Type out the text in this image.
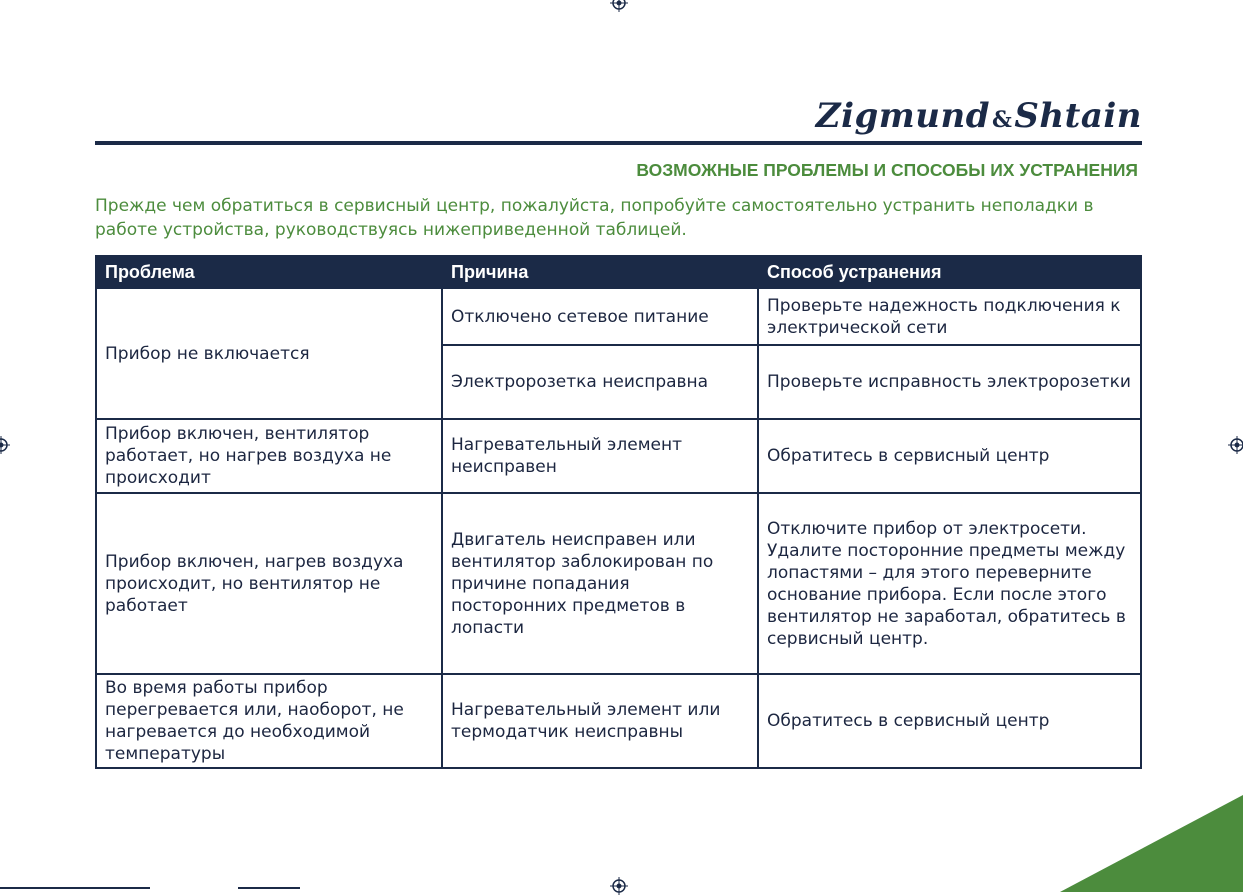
Zigmund&Shtain
ВОЗМОЖНЫЕ ПРОБЛЕМЫ И СПОСОБЫ ИХ УСТРАНЕНИЯ
Прежде чем обратиться в сервисный центр, пожалуйста, попробуйте самостоятельно устранить неполадки в работе устройства, руководствуясь нижеприведенной таблицей.
Проблема	Причина	Способ устранения
Прибор не включается	Отключено сетевое питание	Проверьте надежность подключения к электрической сети
	Электророзетка неисправна	Проверьте исправность электророзетки
Прибор включен, вентилятор работает, но нагрев воздуха не происходит	Нагревательный элемент неисправен	Обратитесь в сервисный центр
Прибор включен, нагрев воздуха происходит, но вентилятор не работает	Двигатель неисправен или вентилятор заблокирован по причине попадания посторонних предметов в лопасти	Отключите прибор от электросети. Удалите посторонние предметы между лопастями – для этого переверните основание прибора. Если после этого вентилятор не заработал, обратитесь в сервисный центр.
Во время работы прибор перегревается или, наоборот, не нагревается до необходимой температуры	Нагревательный элемент или термодатчик неисправны	Обратитесь в сервисный центр
